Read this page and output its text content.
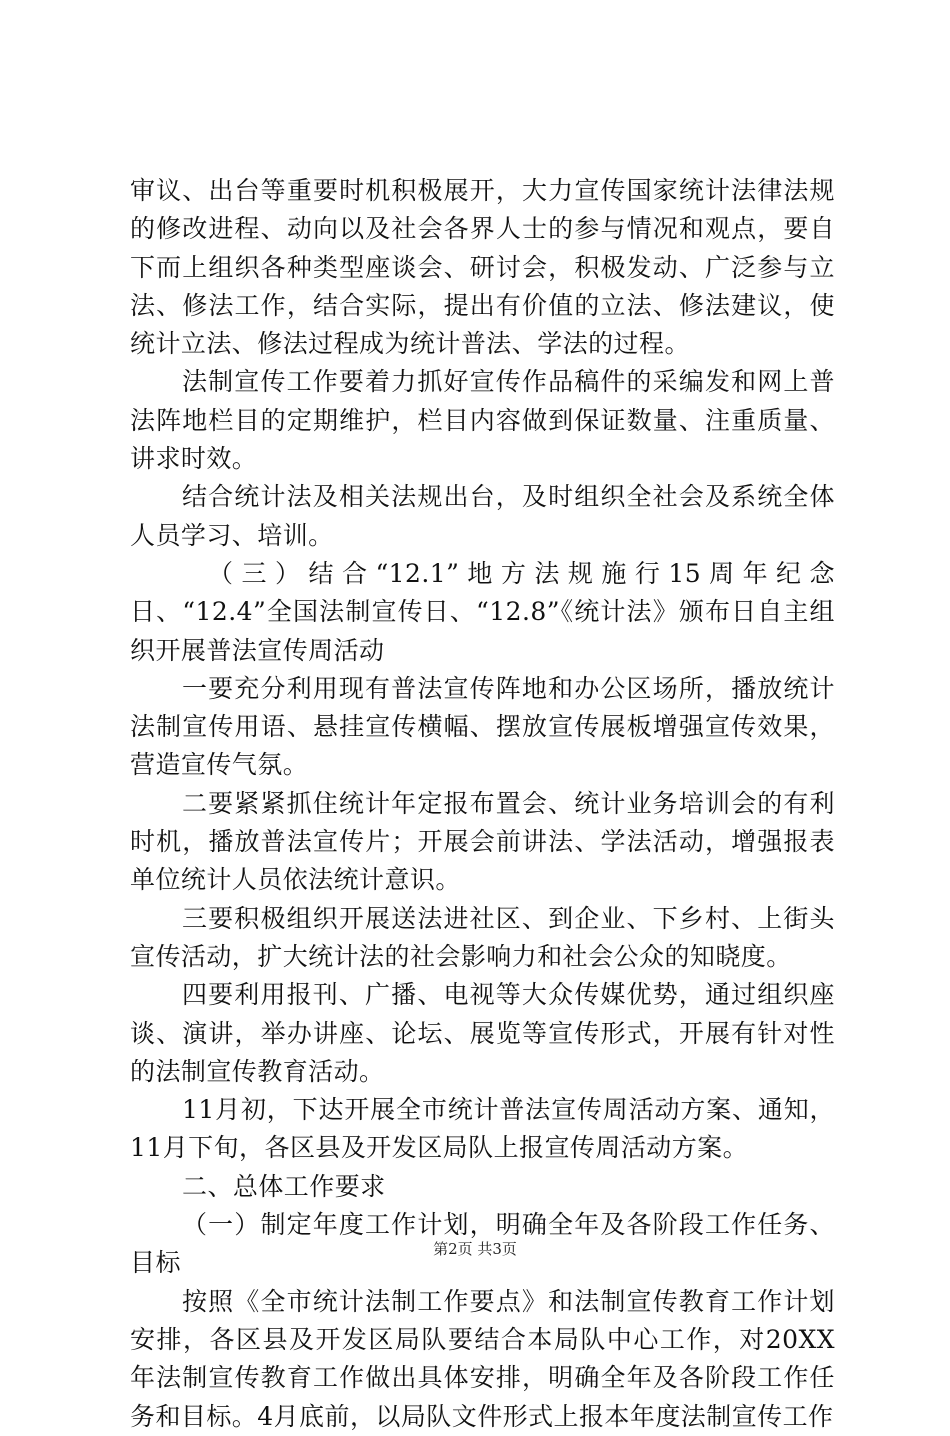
审议、出台等重要时机积极展开，大力宣传国家统计法律法规的修改进程、动向以及社会各界人士的参与情况和观点，要自下而上组织各种类型座谈会、研讨会，积极发动、广泛参与立法、修法工作，结合实际，提出有价值的立法、修法建议，使统计立法、修法过程成为统计普法、学法的过程。

法制宣传工作要着力抓好宣传作品稿件的采编发和网上普法阵地栏目的定期维护，栏目内容做到保证数量、注重质量、讲求时效。

结合统计法及相关法规出台，及时组织全社会及系统全体人员学习、培训。

（三）结合“12.1”地方法规施行15周年纪念日、“12.4”全国法制宣传日、“12.8”《统计法》颁布日自主组织开展普法宣传周活动

一要充分利用现有普法宣传阵地和办公区场所，播放统计法制宣传用语、悬挂宣传横幅、摆放宣传展板增强宣传效果，营造宣传气氛。

二要紧紧抓住统计年定报布置会、统计业务培训会的有利时机，播放普法宣传片；开展会前讲法、学法活动，增强报表单位统计人员依法统计意识。

三要积极组织开展送法进社区、到企业、下乡村、上街头宣传活动，扩大统计法的社会影响力和社会公众的知晓度。

四要利用报刊、广播、电视等大众传媒优势，通过组织座谈、演讲，举办讲座、论坛、展览等宣传形式，开展有针对性的法制宣传教育活动。

11月初，下达开展全市统计普法宣传周活动方案、通知，11月下旬，各区县及开发区局队上报宣传周活动方案。

二、总体工作要求

（一）制定年度工作计划，明确全年及各阶段工作任务、目标

按照《全市统计法制工作要点》和法制宣传教育工作计划安排，各区县及开发区局队要结合本局队中心工作，对20XX年法制宣传教育工作做出具体安排，明确全年及各阶段工作任务和目标。4月底前，以局队文件形式上报本年度法制宣传工作

第2页 共3页
